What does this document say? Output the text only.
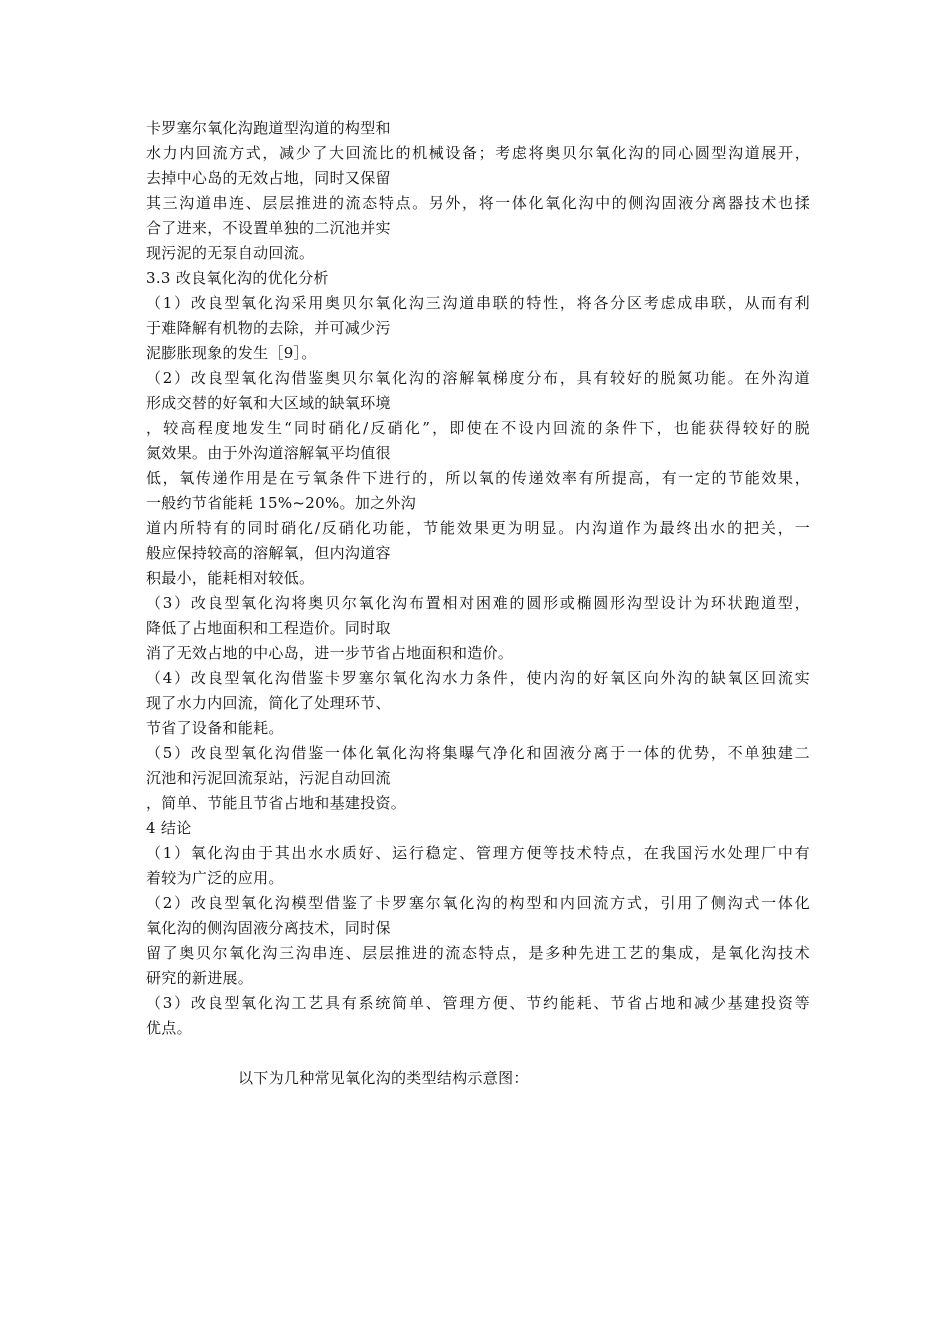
卡罗塞尔氧化沟跑道型沟道的构型和
水力内回流方式，减少了大回流比的机械设备；考虑将奥贝尔氧化沟的同心圆型沟道展开，
去掉中心岛的无效占地，同时又保留
其三沟道串连、层层推进的流态特点。另外，将一体化氧化沟中的侧沟固液分离器技术也揉
合了进来，不设置单独的二沉池并实
现污泥的无泵自动回流。
3.3 改良氧化沟的优化分析
（1）改良型氧化沟采用奥贝尔氧化沟三沟道串联的特性，将各分区考虑成串联，从而有利
于难降解有机物的去除，并可减少污
泥膨胀现象的发生［9］。
（2）改良型氧化沟借鉴奥贝尔氧化沟的溶解氧梯度分布，具有较好的脱氮功能。在外沟道
形成交替的好氧和大区域的缺氧环境
，较高程度地发生“同时硝化/反硝化”，即使在不设内回流的条件下，也能获得较好的脱
氮效果。由于外沟道溶解氧平均值很
低，氧传递作用是在亏氧条件下进行的，所以氧的传递效率有所提高，有一定的节能效果，
一般约节省能耗 15%~20%。加之外沟
道内所特有的同时硝化/反硝化功能，节能效果更为明显。内沟道作为最终出水的把关，一
般应保持较高的溶解氧，但内沟道容
积最小，能耗相对较低。
（3）改良型氧化沟将奥贝尔氧化沟布置相对困难的圆形或椭圆形沟型设计为环状跑道型，
降低了占地面积和工程造价。同时取
消了无效占地的中心岛，进一步节省占地面积和造价。
（4）改良型氧化沟借鉴卡罗塞尔氧化沟水力条件，使内沟的好氧区向外沟的缺氧区回流实
现了水力内回流，简化了处理环节、
节省了设备和能耗。
（5）改良型氧化沟借鉴一体化氧化沟将集曝气净化和固液分离于一体的优势，不单独建二
沉池和污泥回流泵站，污泥自动回流
，简单、节能且节省占地和基建投资。
4 结论
（1）氧化沟由于其出水水质好、运行稳定、管理方便等技术特点，在我国污水处理厂中有
着较为广泛的应用。
（2）改良型氧化沟模型借鉴了卡罗塞尔氧化沟的构型和内回流方式，引用了侧沟式一体化
氧化沟的侧沟固液分离技术，同时保
留了奥贝尔氧化沟三沟串连、层层推进的流态特点，是多种先进工艺的集成，是氧化沟技术
研究的新进展。
（3）改良型氧化沟工艺具有系统简单、管理方便、节约能耗、节省占地和减少基建投资等
优点。
以下为几种常见氧化沟的类型结构示意图：
